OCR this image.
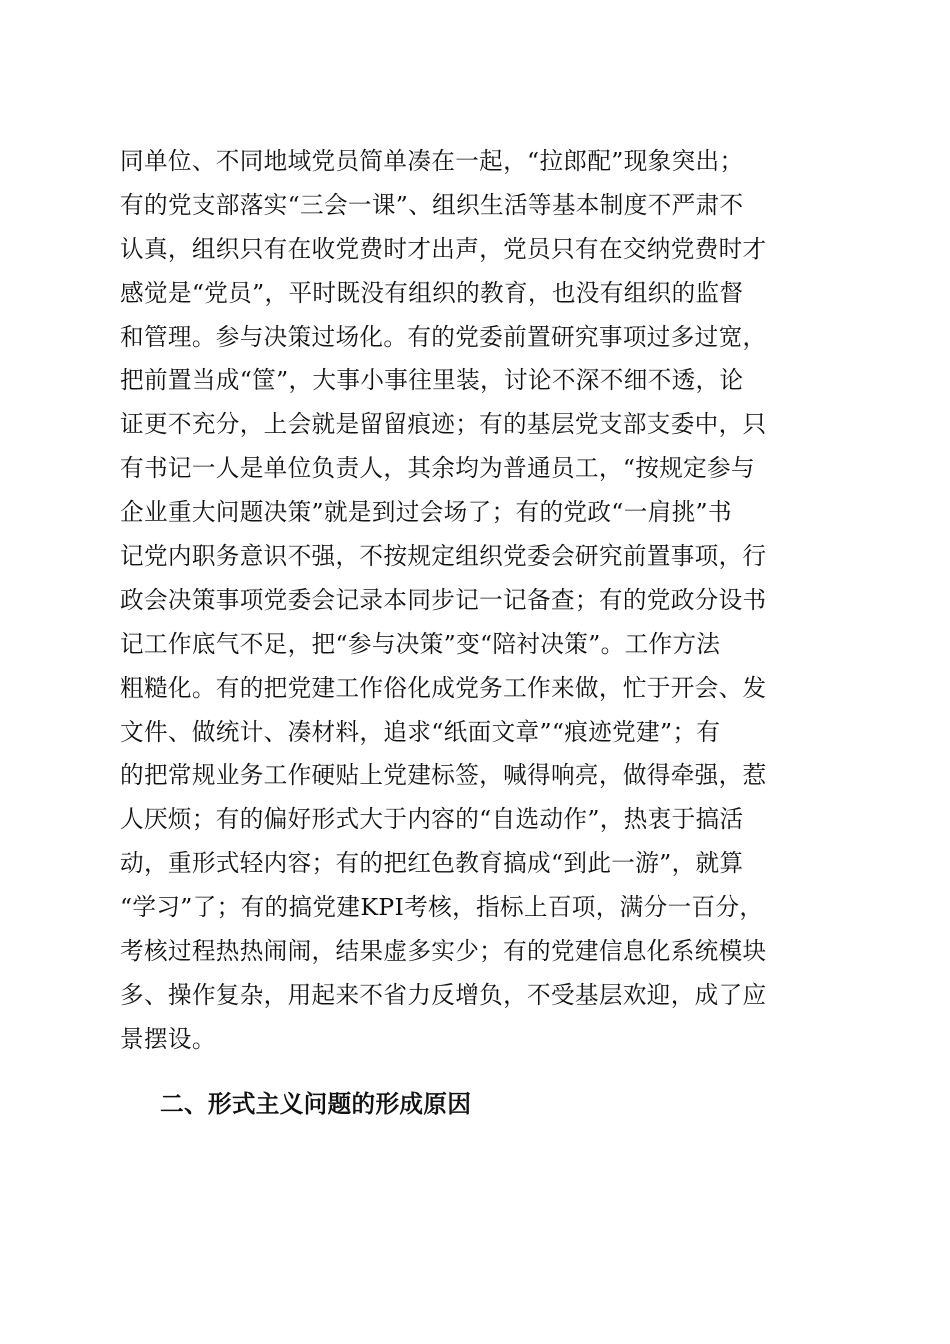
同单位、不同地域党员简单凑在一起，“拉郎配”现象突出；
有的党支部落实“三会一课”、组织生活等基本制度不严肃不
认真，组织只有在收党费时才出声，党员只有在交纳党费时才
感觉是“党员”，平时既没有组织的教育，也没有组织的监督
和管理。参与决策过场化。有的党委前置研究事项过多过宽，
把前置当成“筐”，大事小事往里装，讨论不深不细不透，论
证更不充分，上会就是留留痕迹；有的基层党支部支委中，只
有书记一人是单位负责人，其余均为普通员工，“按规定参与
企业重大问题决策”就是到过会场了；有的党政“一肩挑”书
记党内职务意识不强，不按规定组织党委会研究前置事项，行
政会决策事项党委会记录本同步记一记备查；有的党政分设书
记工作底气不足，把“参与决策”变“陪衬决策”。工作方法
粗糙化。有的把党建工作俗化成党务工作来做，忙于开会、发
文件、做统计、凑材料，追求“纸面文章”“痕迹党建”；有
的把常规业务工作硬贴上党建标签，喊得响亮，做得牵强，惹
人厌烦；有的偏好形式大于内容的“自选动作”，热衷于搞活
动，重形式轻内容；有的把红色教育搞成“到此一游”，就算
“学习”了；有的搞党建KPI考核，指标上百项，满分一百分，
考核过程热热闹闹，结果虚多实少；有的党建信息化系统模块
多、操作复杂，用起来不省力反增负，不受基层欢迎，成了应
景摆设。
二、形式主义问题的形成原因
